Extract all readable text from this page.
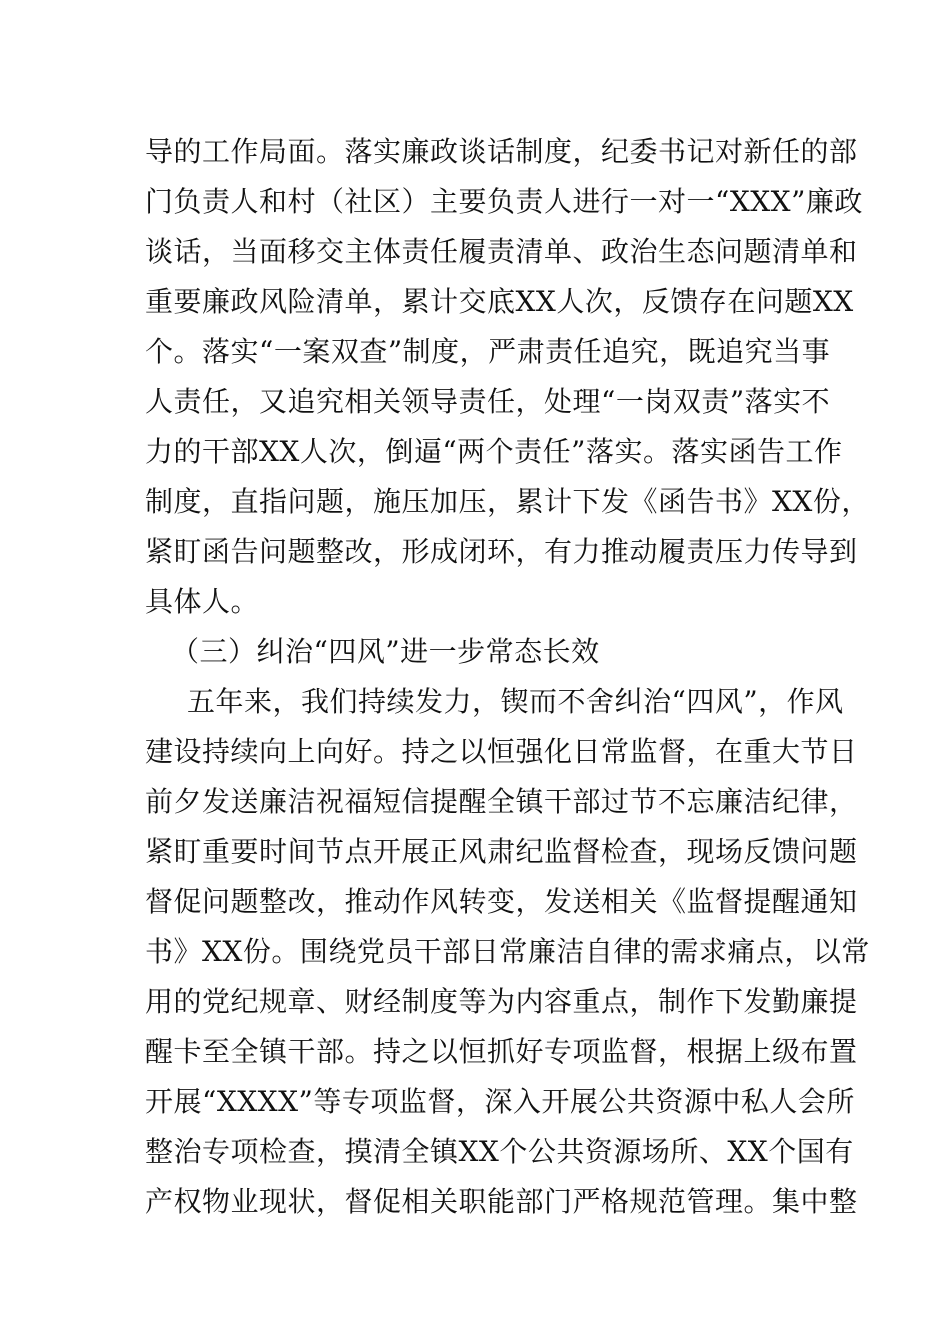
导的工作局面。落实廉政谈话制度，纪委书记对新任的部
门负责人和村（社区）主要负责人进行一对一“XXX”廉政
谈话，当面移交主体责任履责清单、政治生态问题清单和
重要廉政风险清单，累计交底XX人次，反馈存在问题XX
个。落实“一案双查”制度，严肃责任追究，既追究当事
人责任，又追究相关领导责任，处理“一岗双责”落实不
力的干部XX人次，倒逼“两个责任”落实。落实函告工作
制度，直指问题，施压加压，累计下发《函告书》XX份，
紧盯函告问题整改，形成闭环，有力推动履责压力传导到
具体人。
（三）纠治“四风”进一步常态长效
五年来，我们持续发力，锲而不舍纠治“四风”，作风
建设持续向上向好。持之以恒强化日常监督，在重大节日
前夕发送廉洁祝福短信提醒全镇干部过节不忘廉洁纪律，
紧盯重要时间节点开展正风肃纪监督检查，现场反馈问题
督促问题整改，推动作风转变，发送相关《监督提醒通知
书》XX份。围绕党员干部日常廉洁自律的需求痛点，以常
用的党纪规章、财经制度等为内容重点，制作下发勤廉提
醒卡至全镇干部。持之以恒抓好专项监督，根据上级布置
开展“XXXX”等专项监督，深入开展公共资源中私人会所
整治专项检查，摸清全镇XX个公共资源场所、XX个国有
产权物业现状，督促相关职能部门严格规范管理。集中整
